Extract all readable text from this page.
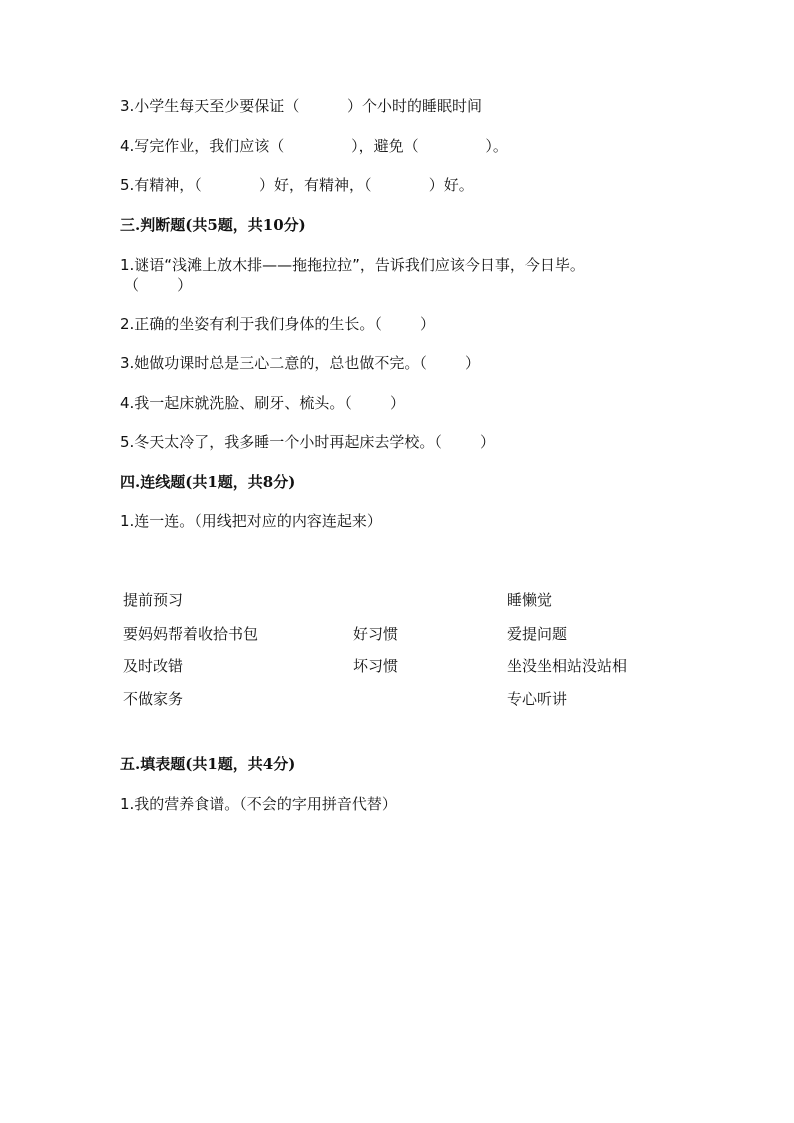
3.小学生每天至少要保证（          ）个小时的睡眠时间
4.写完作业，我们应该（              ），避免（              ）。
5.有精神，（            ）好，有精神，（            ）好。
三.判断题(共5题，共10分)
1.谜语“浅滩上放木排——拖拖拉拉”，告诉我们应该今日事，今日毕。
（        ）
2.正确的坐姿有利于我们身体的生长。（        ）
3.她做功课时总是三心二意的，总也做不完。（        ）
4.我一起床就洗脸、刷牙、梳头。（        ）
5.冬天太冷了，我多睡一个小时再起床去学校。（        ）
四.连线题(共1题，共8分)
1.连一连。（用线把对应的内容连起来）
提前预习
要妈妈帮着收拾书包
及时改错
不做家务
好习惯
坏习惯
睡懒觉
爱提问题
坐没坐相站没站相
专心听讲
五.填表题(共1题，共4分)
1.我的营养食谱。（不会的字用拼音代替）
